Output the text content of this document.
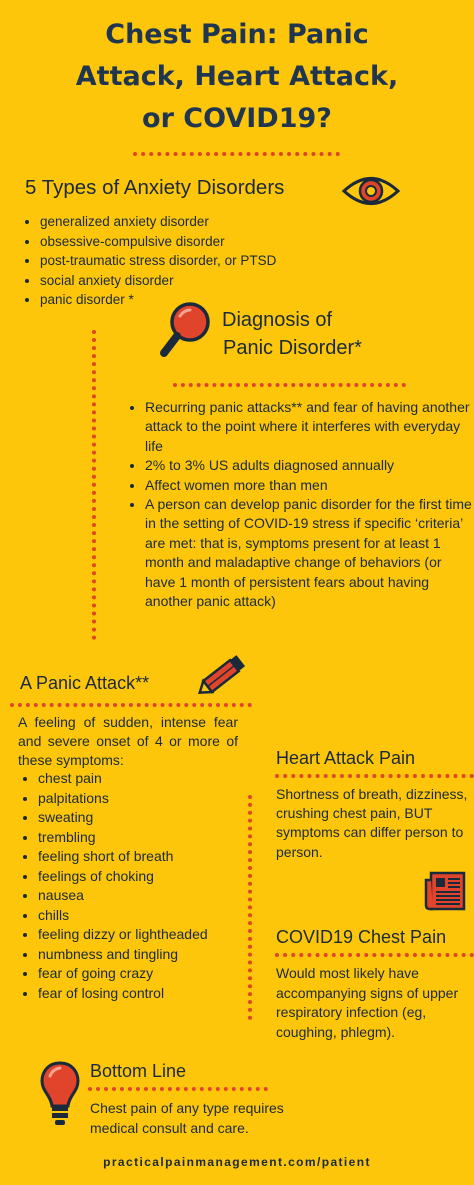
Chest Pain: Panic
Attack, Heart Attack,
or COVID19?
5 Types of Anxiety Disorders
• generalized anxiety disorder
• obsessive-compulsive disorder
• post-traumatic stress disorder, or PTSD
• social anxiety disorder
• panic disorder *
Diagnosis of
Panic Disorder*
• Recurring panic attacks** and fear of having another attack to the point where it interferes with everyday life
• 2% to 3% US adults diagnosed annually
• Affect women more than men
• A person can develop panic disorder for the first time in the setting of COVID-19 stress if specific ‘criteria’ are met: that is, symptoms present for at least 1 month and maladaptive change of behaviors (or have 1 month of persistent fears about having another panic attack)
A Panic Attack**
A feeling of sudden, intense fear and severe onset of 4 or more of these symptoms:
• chest pain
• palpitations
• sweating
• trembling
• feeling short of breath
• feelings of choking
• nausea
• chills
• feeling dizzy or lightheaded
• numbness and tingling
• fear of going crazy
• fear of losing control
Heart Attack Pain
Shortness of breath, dizziness, crushing chest pain, BUT symptoms can differ person to person.
COVID19 Chest Pain
Would most likely have accompanying signs of upper respiratory infection (eg, coughing, phlegm).
Bottom Line
Chest pain of any type requires medical consult and care.
practicalpainmanagement.com/patient
